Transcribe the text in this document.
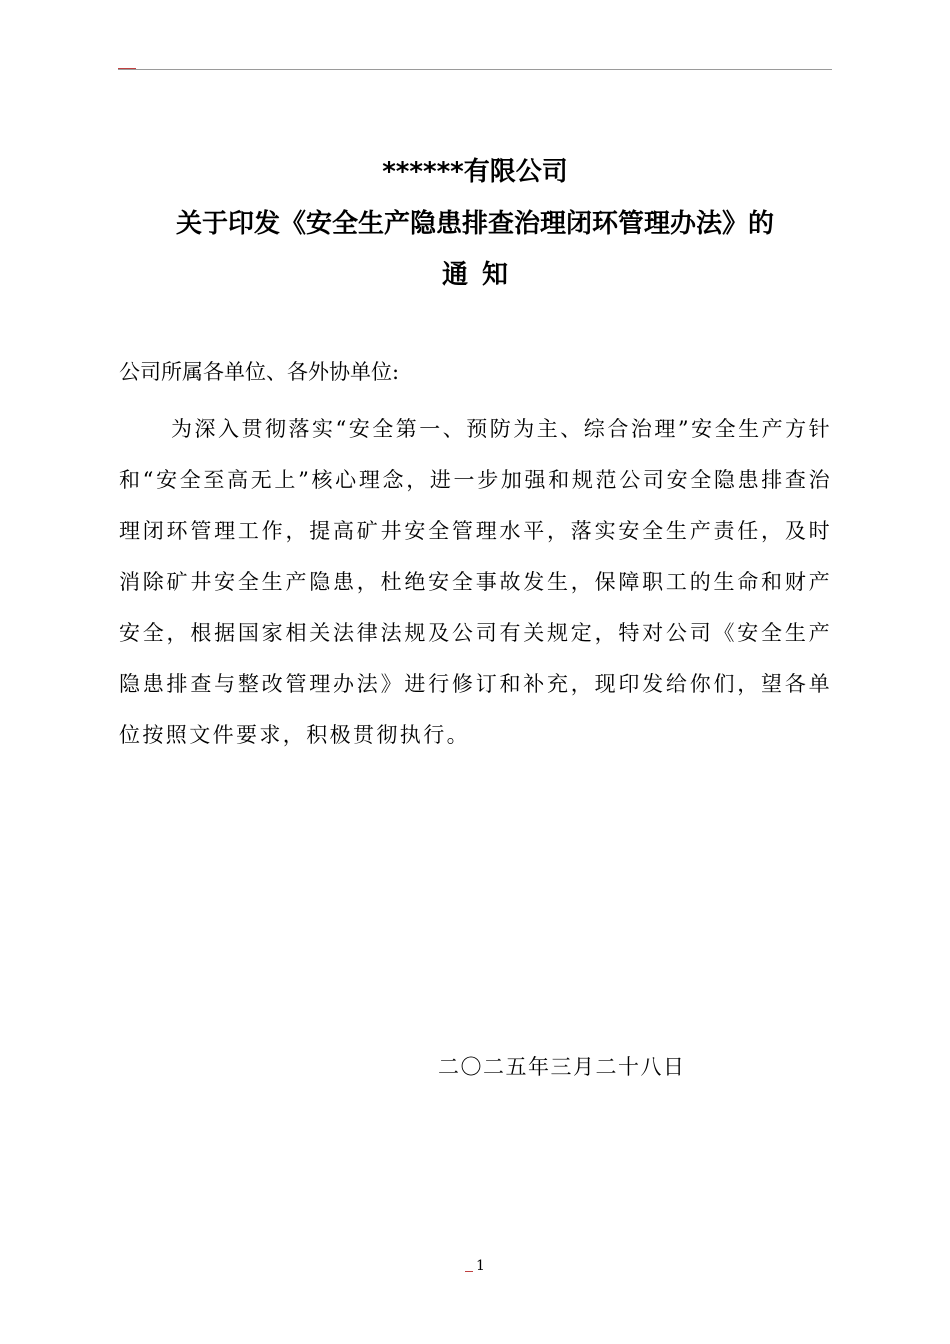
******有限公司
关于印发《安全生产隐患排查治理闭环管理办法》的
通知
公司所属各单位、各外协单位:

为深入贯彻落实“安全第一、预防为主、综合治理”安全生产方针和“安全至高无上”核心理念，进一步加强和规范公司安全隐患排查治理闭环管理工作，提高矿井安全管理水平，落实安全生产责任，及时消除矿井安全生产隐患，杜绝安全事故发生，保障职工的生命和财产安全，根据国家相关法律法规及公司有关规定，特对公司《安全生产隐患排查与整改管理办法》进行修订和补充，现印发给你们，望各单位按照文件要求，积极贯彻执行。

二〇二五年三月二十八日
1
